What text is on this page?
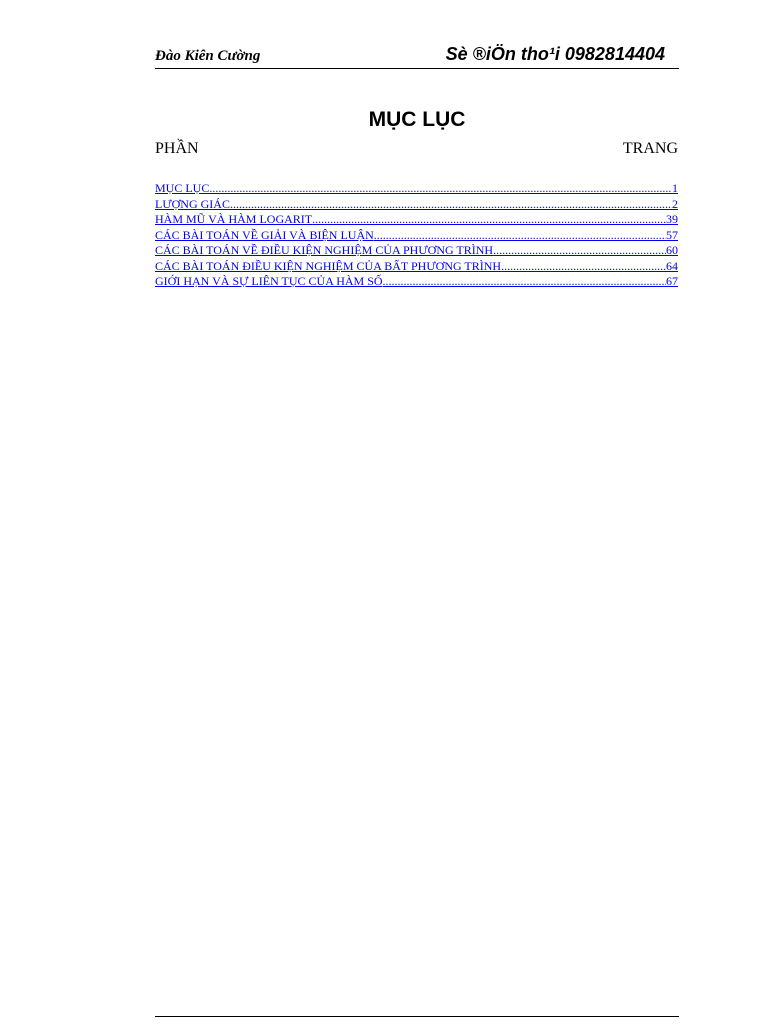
Đào Kiên Cường	Sè ®iÖn tho¹i 0982814404
MỤC LỤC
PHẦN	TRANG
MỤC LỤC .....	1
LƯỢNG GIÁC .....	2
HÀM MŨ VÀ HÀM LOGARIT .....	39
CÁC BÀI TOÁN VỀ GIẢI VÀ BIỆN LUẬN .....	57
CÁC BÀI TOÁN VỀ ĐIỀU KIỆN NGHIỆM CỦA PHƯƠNG TRÌNH .....	60
CÁC BÀI TOÁN ĐIỀU KIỆN NGHIỆM CỦA BẤT PHƯƠNG TRÌNH .....	64
GIỚI HẠN VÀ SỰ LIÊN TỤC CỦA HÀM SỐ .....	67
